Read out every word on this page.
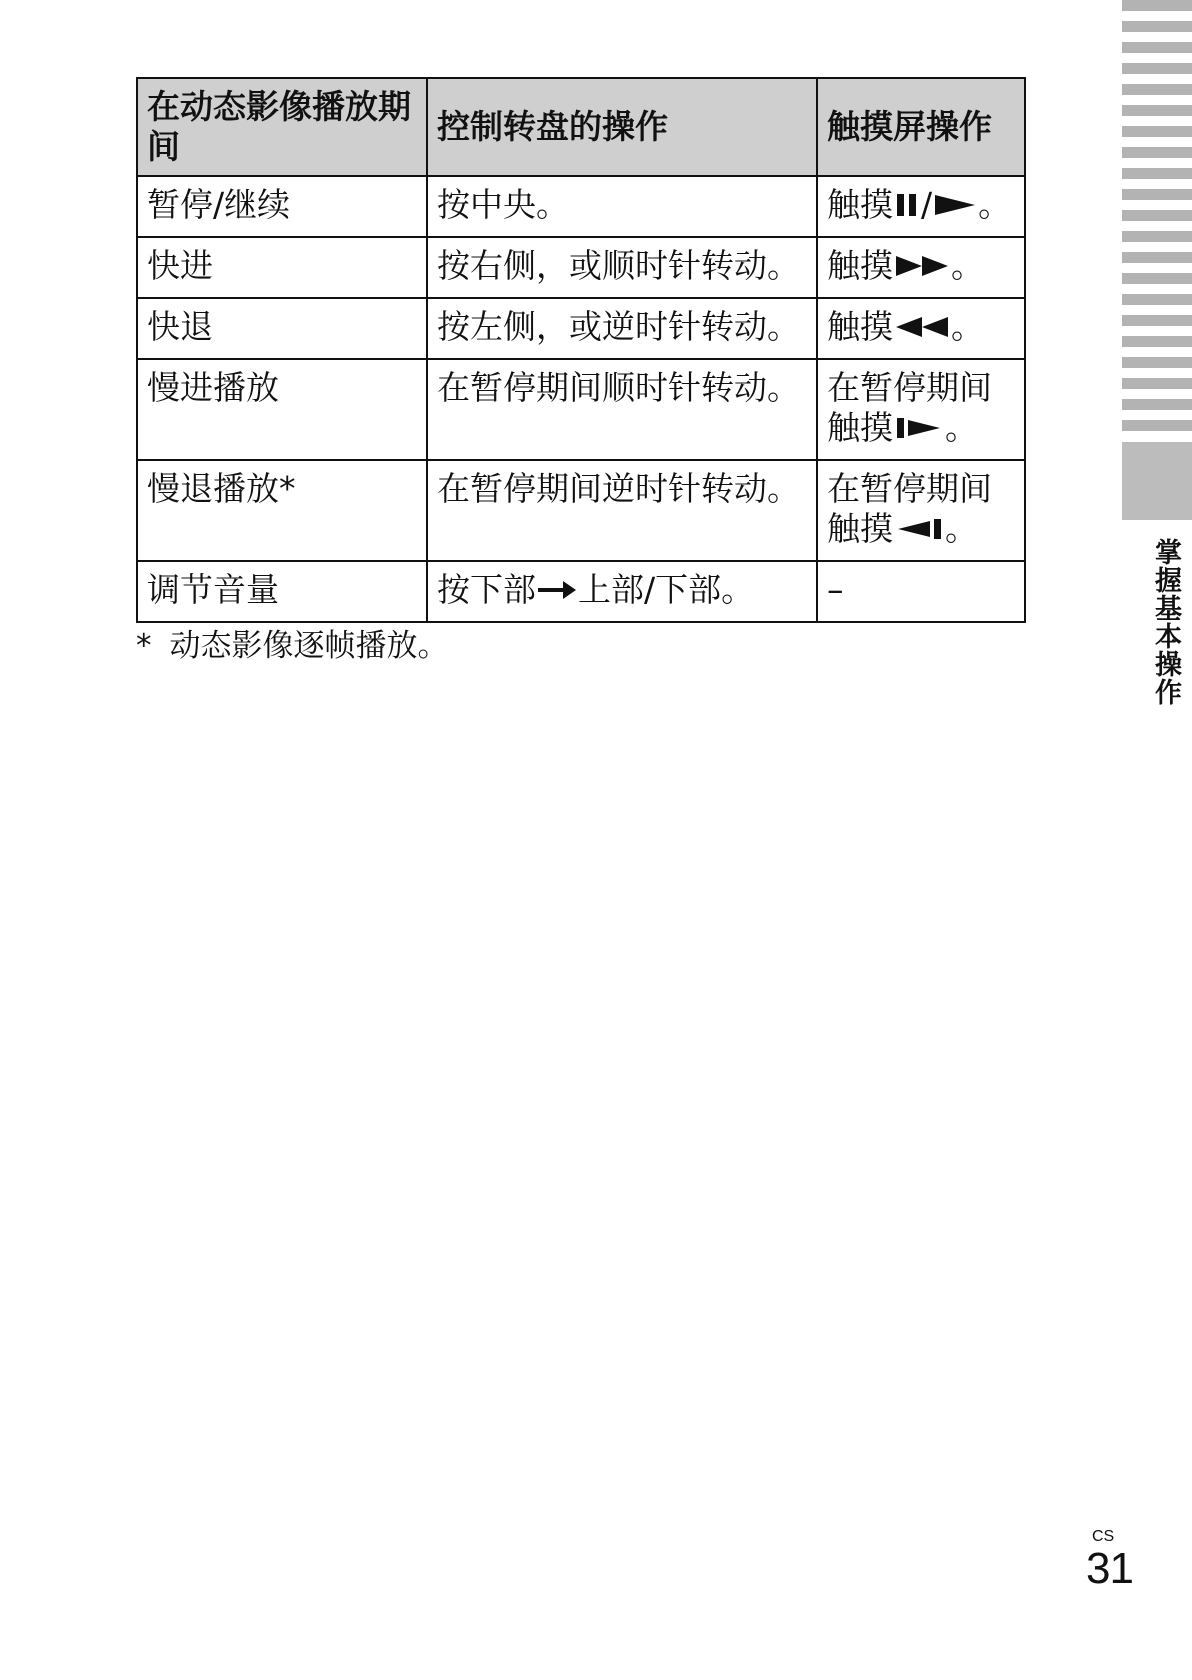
掌握基本操作
在动态影像播放期间	控制转盘的操作	触摸屏操作
暂停/继续	按中央。	触摸 / 。
快进	按右侧，或顺时针转动。	触摸 。
快退	按左侧，或逆时针转动。	触摸 。
慢进播放	在暂停期间顺时针转动。	在暂停期间
触摸 。
慢退播放*	在暂停期间逆时针转动。	在暂停期间
触摸 。
调节音量	按下部 上部/下部。	–
* 动态影像逐帧播放。
CS
31
